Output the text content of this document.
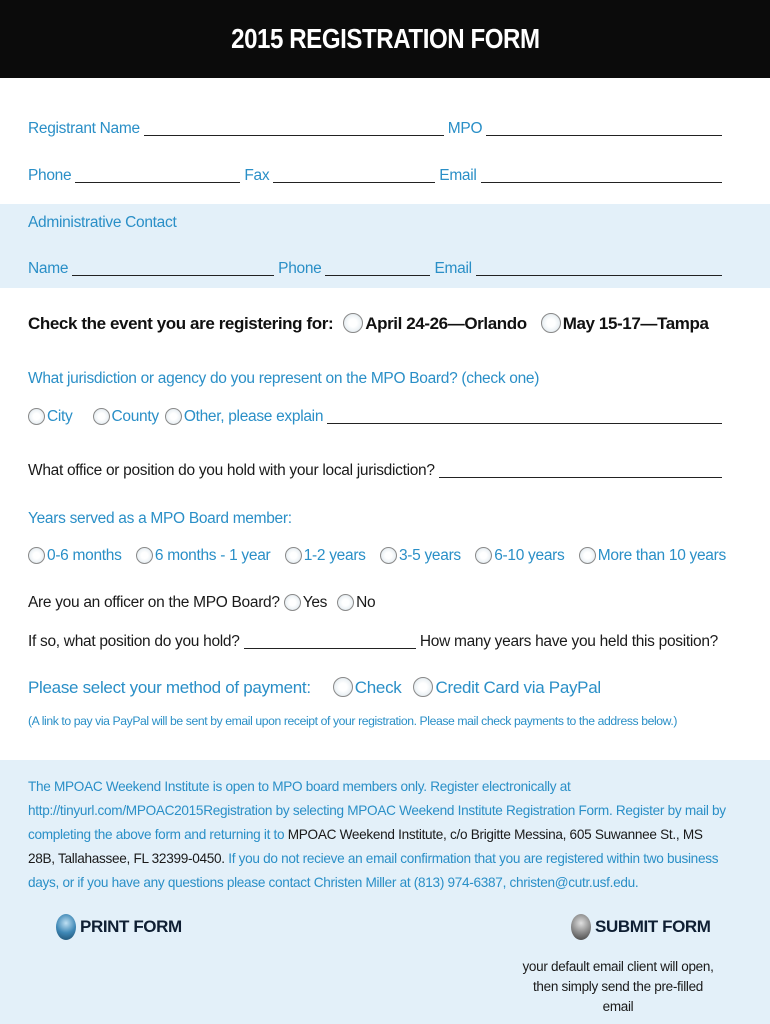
2015 REGISTRATION FORM
Registrant Name	MPO
Phone	Fax	Email
Administrative Contact
Name	Phone	Email
Check the event you are registering for: April 24-26—Orlando May 15-17—Tampa
What jurisdiction or agency do you represent on the MPO Board? (check one)
City	County Other, please explain
What office or position do you hold with your local jurisdiction?
Years served as a MPO Board member:
0-6 months 6 months - 1 year 1-2 years 3-5 years 6-10 years More than 10 years
Are you an officer on the MPO Board? Yes No
If so, what position do you hold?	How many years have you held this position?
Please select your method of payment:	Check Credit Card via PayPal
(A link to pay via PayPal will be sent by email upon receipt of your registration. Please mail check payments to the address below.)
The MPOAC Weekend Institute is open to MPO board members only. Register electronically at http://tinyurl.com/MPOAC2015Registration by selecting MPOAC Weekend Institute Registration Form. Register by mail by completing the above form and returning it to MPOAC Weekend Institute, c/o Brigitte Messina, 605 Suwannee St., MS 28B, Tallahassee, FL 32399-0450. If you do not recieve an email confirmation that you are registered within two business days, or if you have any questions please contact Christen Miller at (813) 974-6387, christen@cutr.usf.edu.
PRINT FORM	SUBMIT FORM
your default email client will open,
then simply send the pre-filled email
